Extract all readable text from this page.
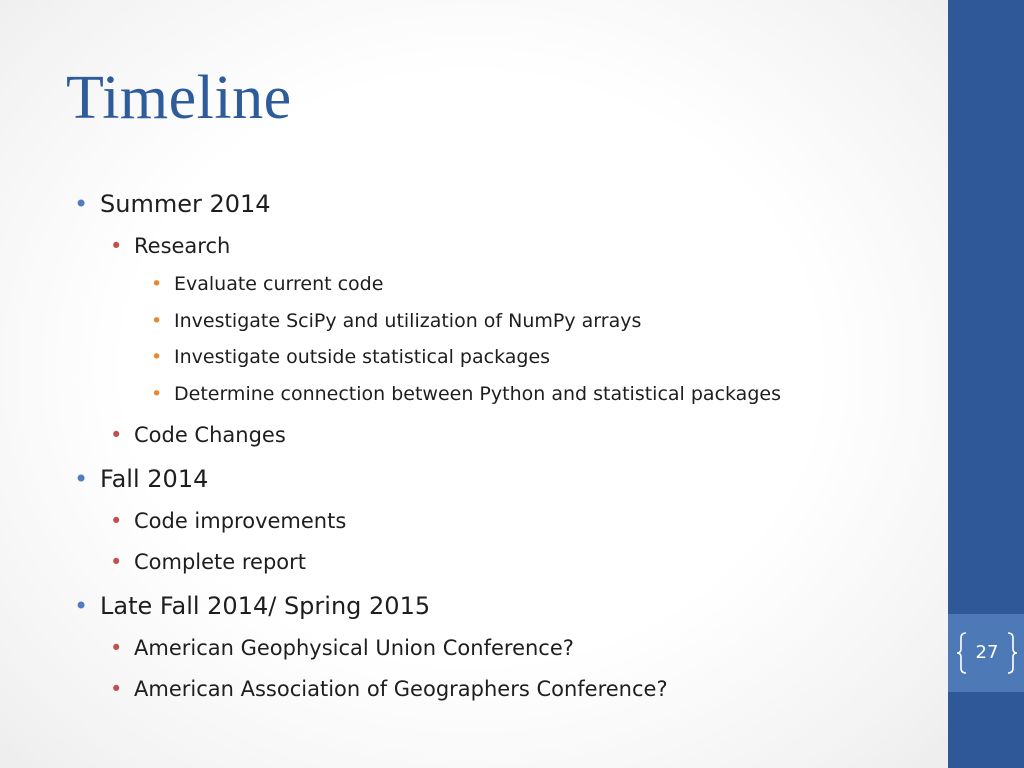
Timeline
• Summer 2014
• Research
• Evaluate current code
• Investigate SciPy and utilization of NumPy arrays
• Investigate outside statistical packages
• Determine connection between Python and statistical packages
• Code Changes
• Fall 2014
• Code improvements
• Complete report
• Late Fall 2014/ Spring 2015
• American Geophysical Union Conference?
• American Association of Geographers Conference?
27
